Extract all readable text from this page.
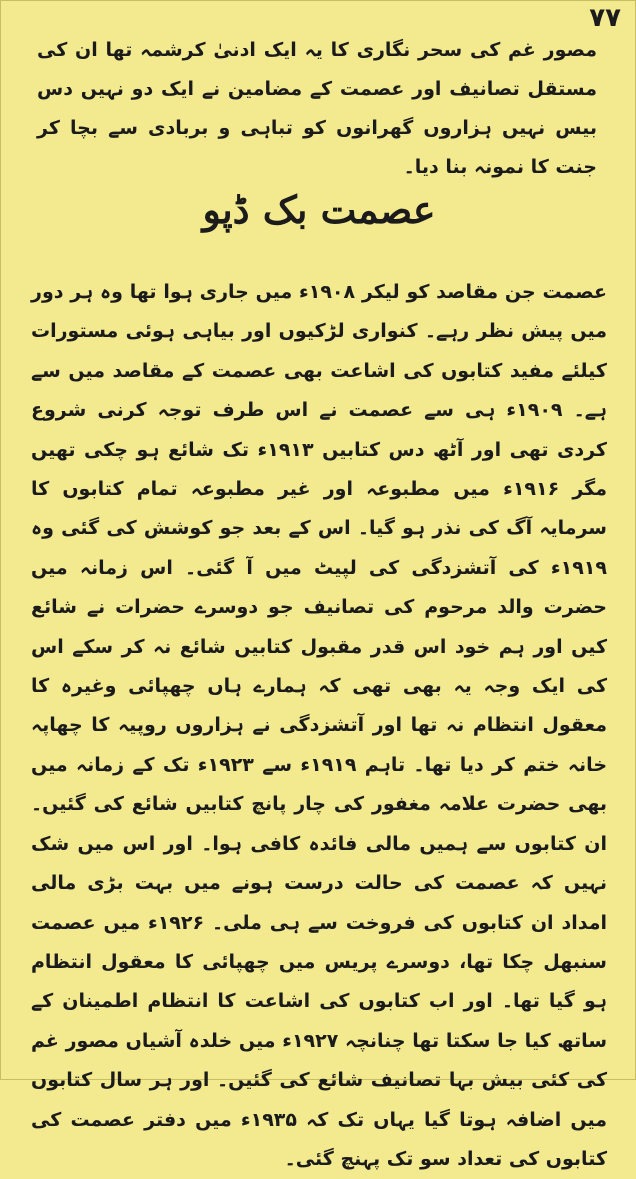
۷۷
مصور غم کی سحر نگاری کا یہ ایک ادنیٰ کرشمہ تھا ان کی مستقل تصانیف اور عصمت کے مضامین نے ایک دو نہیں دس بیس نہیں ہزاروں گھرانوں کو تباہی و بربادی سے بچا کر جنت کا نمونہ بنا دیا۔
عصمت بک ڈپو

عصمت جن مقاصد کو لیکر ۱۹۰۸ء میں جاری ہوا تھا وہ ہر دور میں پیش نظر رہے۔ کنواری لڑکیوں اور بیاہی ہوئی مستورات کیلئے مفید کتابوں کی اشاعت بھی عصمت کے مقاصد میں سے ہے۔ ۱۹۰۹ء ہی سے عصمت نے اس طرف توجہ کرنی شروع کردی تھی اور آٹھ دس کتابیں ۱۹۱۳ء تک شائع ہو چکی تھیں مگر ۱۹۱۶ء میں مطبوعہ اور غیر مطبوعہ تمام کتابوں کا سرمایہ آگ کی نذر ہو گیا۔ اس کے بعد جو کوشش کی گئی وہ ۱۹۱۹ء کی آتشزدگی کی لپیٹ میں آ گئی۔ اس زمانہ میں حضرت والد مرحوم کی تصانیف جو دوسرے حضرات نے شائع کیں اور ہم خود اس قدر مقبول کتابیں شائع نہ کر سکے اس کی ایک وجہ یہ بھی تھی کہ ہمارے ہاں چھپائی وغیرہ کا معقول انتظام نہ تھا اور آتشزدگی نے ہزاروں روپیہ کا چھاپہ خانہ ختم کر دیا تھا۔ تاہم ۱۹۱۹ء سے ۱۹۲۳ء تک کے زمانہ میں بھی حضرت علامہ مغفور کی چار پانچ کتابیں شائع کی گئیں۔ ان کتابوں سے ہمیں مالی فائدہ کافی ہوا۔ اور اس میں شک نہیں کہ عصمت کی حالت درست ہونے میں بہت بڑی مالی امداد ان کتابوں کی فروخت سے ہی ملی۔ ۱۹۲۶ء میں عصمت سنبھل چکا تھا، دوسرے پریس میں چھپائی کا معقول انتظام ہو گیا تھا۔ اور اب کتابوں کی اشاعت کا انتظام اطمینان کے ساتھ کیا جا سکتا تھا چنانچہ ۱۹۲۷ء میں خلدہ آشیاں مصور غم کی کئی بیش بہا تصانیف شائع کی گئیں۔ اور ہر سال کتابوں میں اضافہ ہوتا گیا یہاں تک کہ ۱۹۳۵ء میں دفتر عصمت کی کتابوں کی تعداد سو تک پہنچ گئی۔
